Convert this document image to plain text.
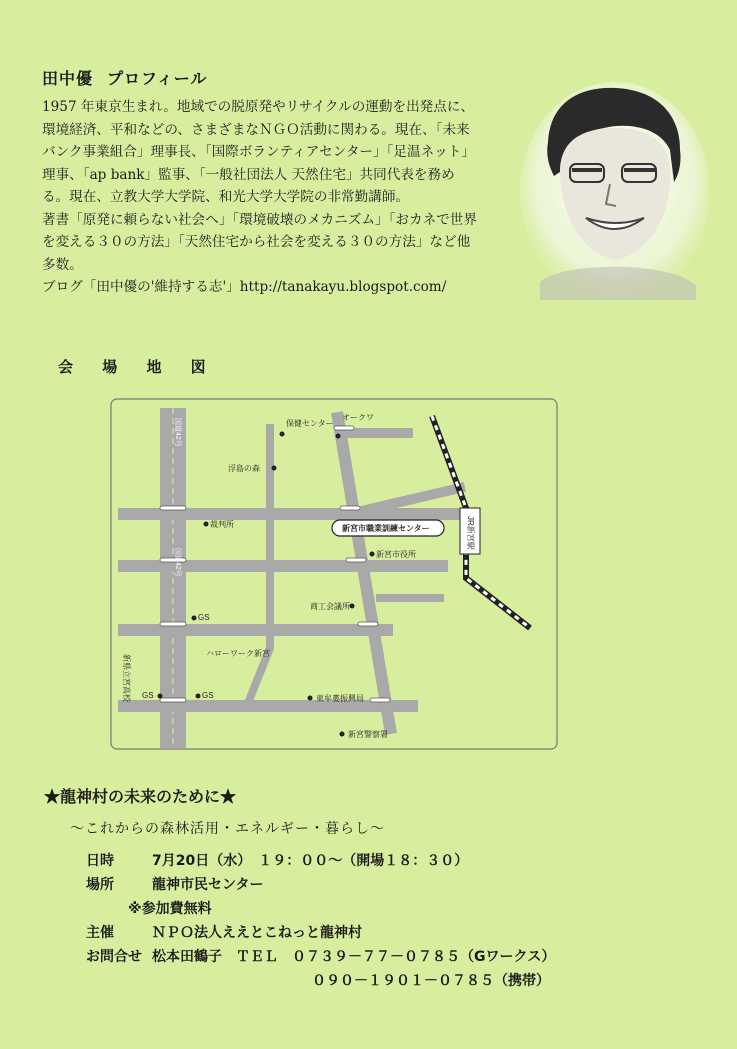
田中優 プロフィール

1957 年東京生まれ。地域での脱原発やリサイクルの運動を出発点に、環境経済、平和などの、さまざまなＮＧＯ活動に関わる。現在、「未来バンク事業組合」理事長、「国際ボランティアセンター」「足温ネット」理事、「ap bank」監事、「一般社団法人 天然住宅」共同代表を務める。現在、立教大学大学院、和光大学大学院の非常勤講師。

著書「原発に頼らない社会へ」「環境破壊のメカニズム」「おカネで世界を変える３０の方法」「天然住宅から社会を変える３０の方法」など他多数。

ブログ「田中優の'維持する志'」http://tanakayu.blogspot.com/

会 場 地 図
保健センター
オークワ
浮島の森
裁判所	新宮市職業訓練センター
新宮市役所
JR新宮駅
商工会議所
ハローワーク新宮
新県立宮高校
GS
GS	GS	東牟婁振興局
新宮警察署
国道42号
国道42号
★龍神村の未来のために★
～これからの森林活用・エネルギー・暮らし～
日時	7月20日（水）　１９：００～（開場１８：３０）
場所	龍神市民センター
※参加費無料
主催	ＮＰＯ法人ええとこねっと龍神村
お問合せ 松本田鶴子　ＴＥＬ　０７３９－７７－０７８５（Gワークス）
０９０－１９０１－０７８５（携帯）
